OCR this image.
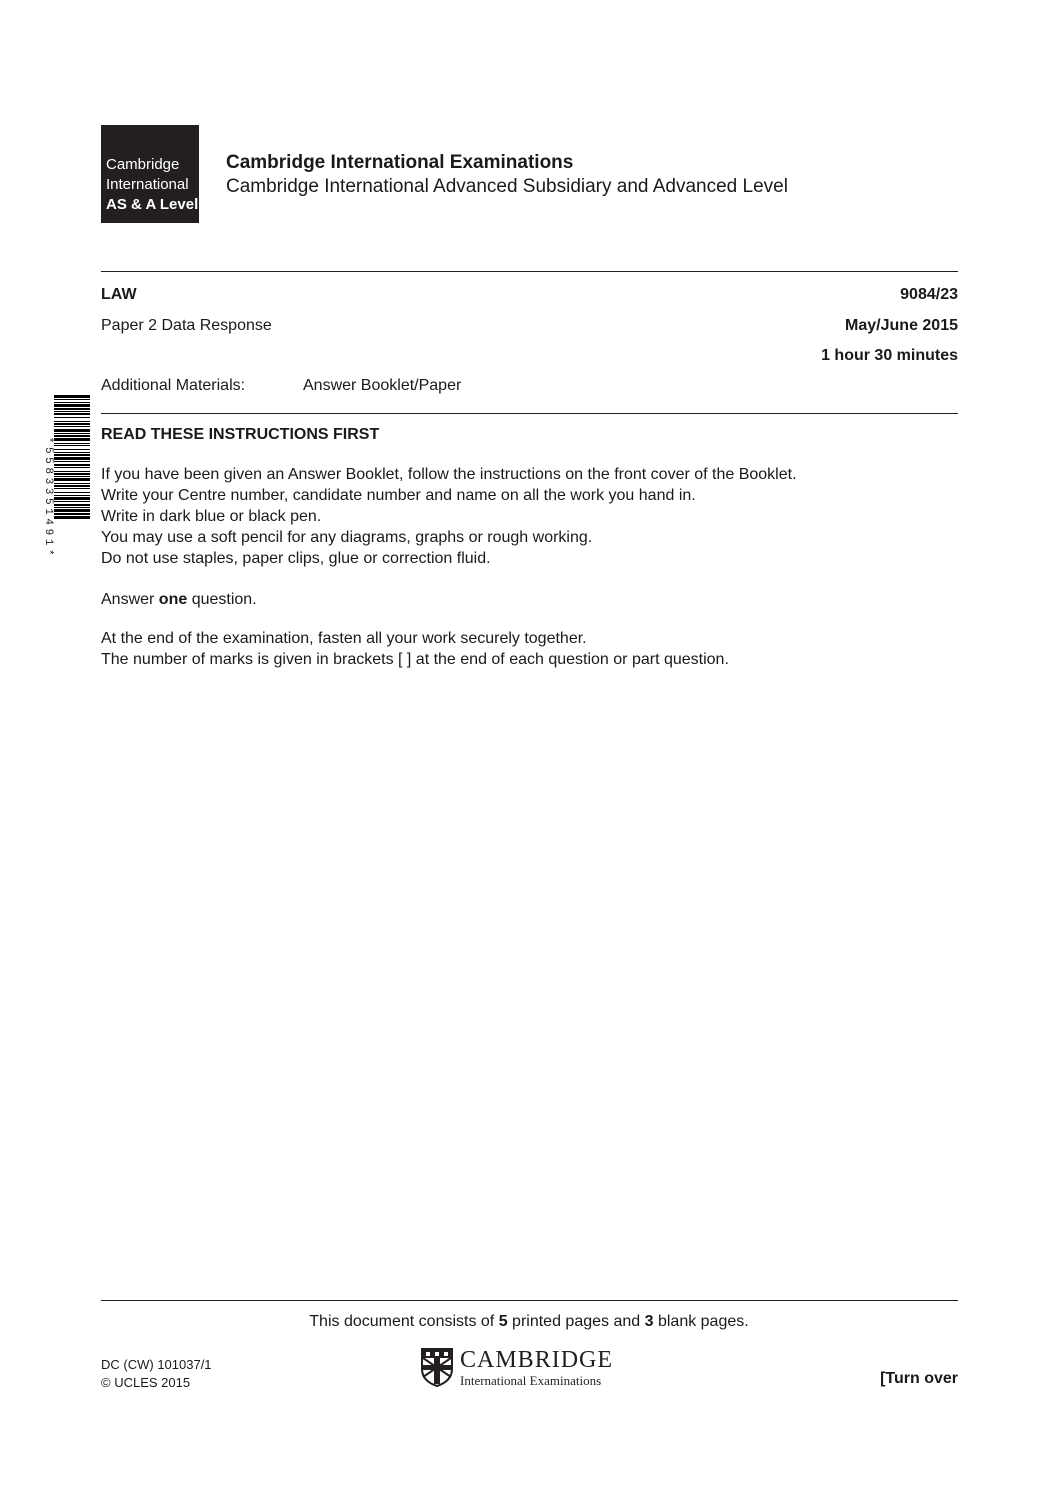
Cambridge
International
AS & A Level
Cambridge International Examinations
Cambridge International Advanced Subsidiary and Advanced Level
LAW	9084/23
Paper 2 Data Response	May/June 2015
1 hour 30 minutes
Additional Materials:	Answer Booklet/Paper
*5583351491*
READ THESE INSTRUCTIONS FIRST
If you have been given an Answer Booklet, follow the instructions on the front cover of the Booklet.
Write your Centre number, candidate number and name on all the work you hand in.
Write in dark blue or black pen.
You may use a soft pencil for any diagrams, graphs or rough working.
Do not use staples, paper clips, glue or correction fluid.
Answer one question.
At the end of the examination, fasten all your work securely together.
The number of marks is given in brackets [ ] at the end of each question or part question.
This document consists of 5 printed pages and 3 blank pages.
DC (CW) 101037/1
© UCLES 2015
CAMBRIDGE
International Examinations	[Turn over
